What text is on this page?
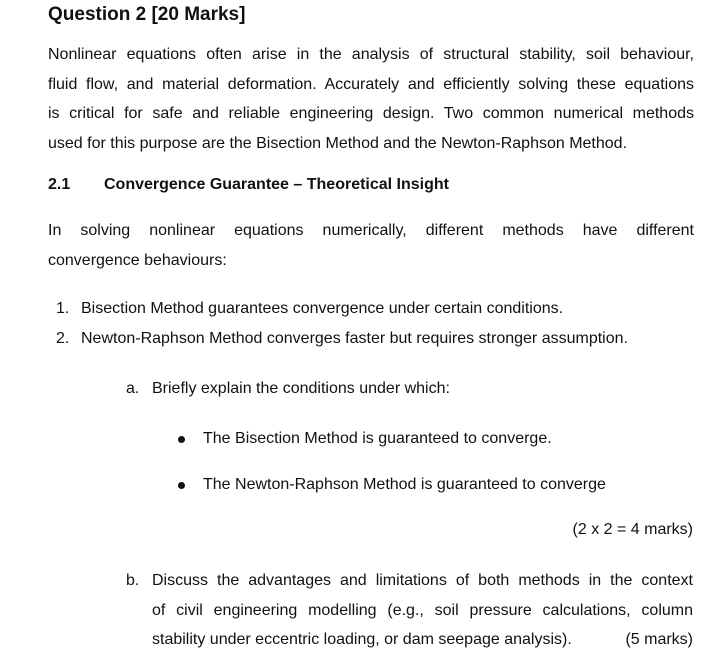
Question 2 [20 Marks]
Nonlinear equations often arise in the analysis of structural stability, soil behaviour,
fluid flow, and material deformation. Accurately and efficiently solving these equations
is critical for safe and reliable engineering design. Two common numerical methods
used for this purpose are the Bisection Method and the Newton-Raphson Method.
2.1 Convergence Guarantee – Theoretical Insight
In solving nonlinear equations numerically, different methods have different
convergence behaviours:
1. Bisection Method guarantees convergence under certain conditions.
2. Newton-Raphson Method converges faster but requires stronger assumption.
a. Briefly explain the conditions under which:
The Bisection Method is guaranteed to converge.
The Newton-Raphson Method is guaranteed to converge
(2 x 2 = 4 marks)
b. Discuss the advantages and limitations of both methods in the context
of civil engineering modelling (e.g., soil pressure calculations, column
stability under eccentric loading, or dam seepage analysis).	(5 marks)
